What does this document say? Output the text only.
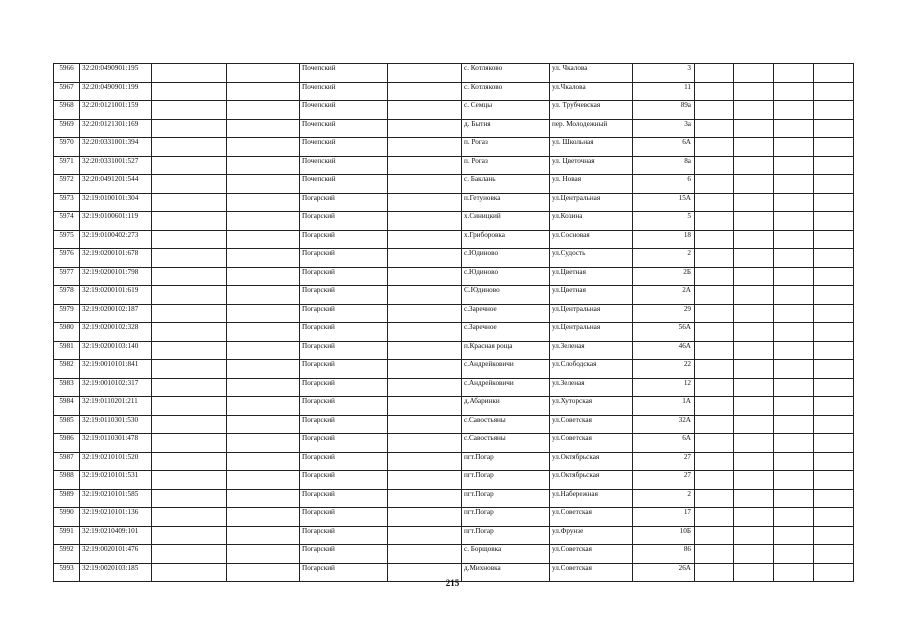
5966	32:20:0490901:195			Почепский		с. Котляково	ул. Чкалова	3				
5967	32:20:0490901:199			Почепский		с. Котляково	ул.Чкалова	11				
5968	32:20:0121001:159			Почепский		с. Семцы	ул. Трубчевская	89а				
5969	32:20:0121301:169			Почепский		д. Бытня	пер. Молодежный	3а				
5970	32:20:0331001:394			Почепский		п. Рогаз	ул. Школьная	6А				
5971	32:20:0331001:527			Почепский		п. Рогаз	ул. Цветочная	8а				
5972	32:20:0491201:544			Почепский		с. Баклань	ул. Новая	6				
5973	32:19:0100101:304			Погарский		п.Гетуновка	ул.Центральная	15А				
5974	32:19:0100601:119			Погарский		х.Синицкий	ул.Козина	5				
5975	32:19:0100402:273			Погарский		х.Гриборовка	ул.Сосновая	18				
5976	32:19:0200101:678			Погарский		с.Юдиново	ул.Судость	2				
5977	32:19:0200101:798			Погарский		с.Юдиново	ул.Цветная	2Б				
5978	32:19:0200101:619			Погарский		С.Юдиново	ул.Цветная	2А				
5979	32:19:0200102:187			Погарский		с.Заречное	ул.Центральная	29				
5980	32:19:0200102:328			Погарский		с.Заречное	ул.Центральная	56А				
5981	32:19:0200103:140			Погарский		п.Красная роща	ул.Зеленая	46А				
5982	32:19:0010101:841			Погарский		с.Андрейковичи	ул.Слободская	22				
5983	32:19:0010102:317			Погарский		с.Андрейковичи	ул.Зеленая	12				
5984	32:19:0110201:211			Погарский		д.Абаринки	ул.Хуторская	1А				
5985	32:19:0110301:530			Погарский		с.Савостьяны	ул.Советская	32А				
5986	32:19:0110301:478			Погарский		с.Савостьяны	ул.Советская	6А				
5987	32:19:0210101:520			Погарский		пгт.Погар	ул.Октябрьская	27				
5988	32:19:0210101:531			Погарский		пгт.Погар	ул.Октябрьская	27				
5989	32:19:0210101:585			Погарский		пгт.Погар	ул.Набережная	2				
5990	32:19:0210101:136			Погарский		пгт.Погар	ул.Советская	17				
5991	32:19:0210409:101			Погарский		пгт.Погар	ул.Фрунзе	10Б				
5992	32:19:0020101:476			Погарский		с. Борщовка	ул.Советская	86				
5993	32:19:0020103:185			Погарский		д.Михновка	ул.Советская	26А				
215
